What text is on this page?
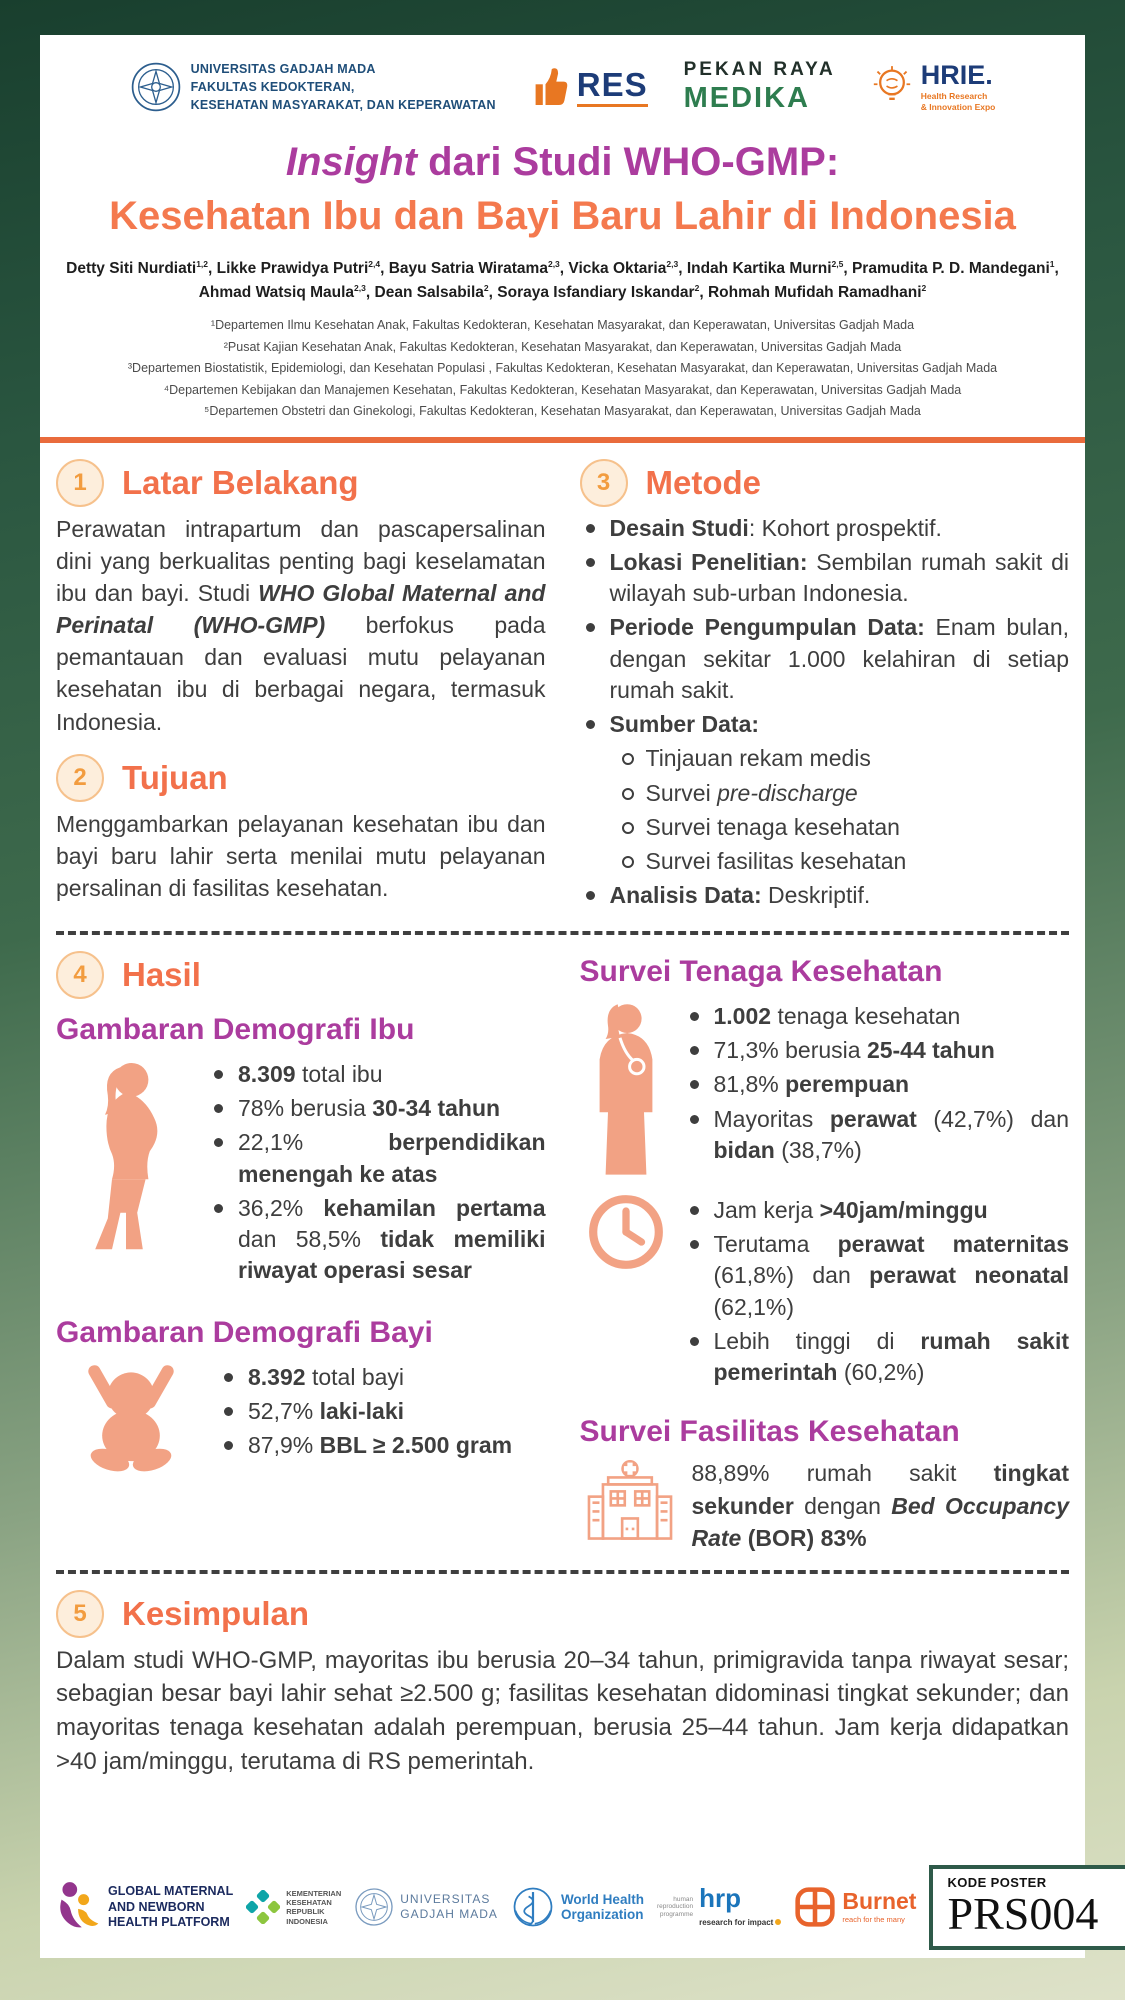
UNIVERSITAS GADJAH MADA
FAKULTAS KEDOKTERAN,
KESEHATAN MASYARAKAT, DAN KEPERAWATAN
RES PEKAN RAYA
MEDIKA
HRIE.
Health Research
& Innovation Expo
Insight dari Studi WHO-GMP:
Kesehatan Ibu dan Bayi Baru Lahir di Indonesia
Detty Siti Nurdiati$^{1,2}$, Likke Prawidya Putri$^{2,4}$, Bayu Satria Wiratama$^{2,3}$, Vicka Oktaria$^{2,3}$, Indah Kartika Murni$^{2,5}$, Pramudita P. D. Mandegani$^1$,
Ahmad Watsiq Maula$^{2,3}$, Dean Salsabila$^2$, Soraya Isfandiary Iskandar$^2$, Rohmah Mufidah Ramadhani$^2$
¹Departemen Ilmu Kesehatan Anak, Fakultas Kedokteran, Kesehatan Masyarakat, dan Keperawatan, Universitas Gadjah Mada
²Pusat Kajian Kesehatan Anak, Fakultas Kedokteran, Kesehatan Masyarakat, dan Keperawatan, Universitas Gadjah Mada
³Departemen Biostatistik, Epidemiologi, dan Kesehatan Populasi , Fakultas Kedokteran, Kesehatan Masyarakat, dan Keperawatan, Universitas Gadjah Mada
⁴Departemen Kebijakan dan Manajemen Kesehatan, Fakultas Kedokteran, Kesehatan Masyarakat, dan Keperawatan, Universitas Gadjah Mada
⁵Departemen Obstetri dan Ginekologi, Fakultas Kedokteran, Kesehatan Masyarakat, dan Keperawatan, Universitas Gadjah Mada
1	Latar Belakang

Perawatan intrapartum dan pascapersalinan dini yang berkualitas penting bagi keselamatan ibu dan bayi. Studi WHO Global Maternal and Perinatal (WHO-GMP) berfokus pada pemantauan dan evaluasi mutu pelayanan kesehatan ibu di berbagai negara, termasuk Indonesia.

2	Tujuan

Menggambarkan pelayanan kesehatan ibu dan bayi baru lahir serta menilai mutu pelayanan persalinan di fasilitas kesehatan.

3	Metode
Desain Studi: Kohort prospektif.
Lokasi Penelitian: Sembilan rumah sakit di wilayah sub-urban Indonesia.
Periode Pengumpulan Data: Enam bulan, dengan sekitar 1.000 kelahiran di setiap rumah sakit.
Sumber Data:
Tinjauan rekam medis
Survei pre-discharge
Survei tenaga kesehatan
Survei fasilitas kesehatan
Analisis Data: Deskriptif.
4	Hasil
Gambaran Demografi Ibu
8.309 total ibu
78% berusia 30-34 tahun
22,1% berpendidikan menengah ke atas
36,2% kehamilan pertama dan 58,5% tidak memiliki riwayat operasi sesar
Gambaran Demografi Bayi
8.392 total bayi
52,7% laki-laki
87,9% BBL ≥ 2.500 gram
Survei Tenaga Kesehatan
1.002 tenaga kesehatan
71,3% berusia 25-44 tahun
81,8% perempuan
Mayoritas perawat (42,7%) dan bidan (38,7%)
Jam kerja >40jam/minggu
Terutama perawat maternitas (61,8%) dan perawat neonatal (62,1%)
Lebih tinggi di rumah sakit pemerintah (60,2%)
Survei Fasilitas Kesehatan

88,89% rumah sakit tingkat sekunder dengan Bed Occupancy Rate (BOR) 83%

5	Kesimpulan

Dalam studi WHO-GMP, mayoritas ibu berusia 20–34 tahun, primigravida tanpa riwayat sesar; sebagian besar bayi lahir sehat ≥2.500 g; fasilitas kesehatan didominasi tingkat sekunder; dan mayoritas tenaga kesehatan adalah perempuan, berusia 25–44 tahun. Jam kerja didapatkan >40 jam/minggu, terutama di RS pemerintah.

GLOBAL MATERNAL
AND NEWBORN
HEALTH PLATFORM
KEMENTERIAN
KESEHATAN
REPUBLIK
INDONESIA
UNIVERSITAS
GADJAH MADA
World Health
Organization
human
reproduction
programme
hrp
research for impact
Burnet
reach for the many
KODE POSTER
PRS004
